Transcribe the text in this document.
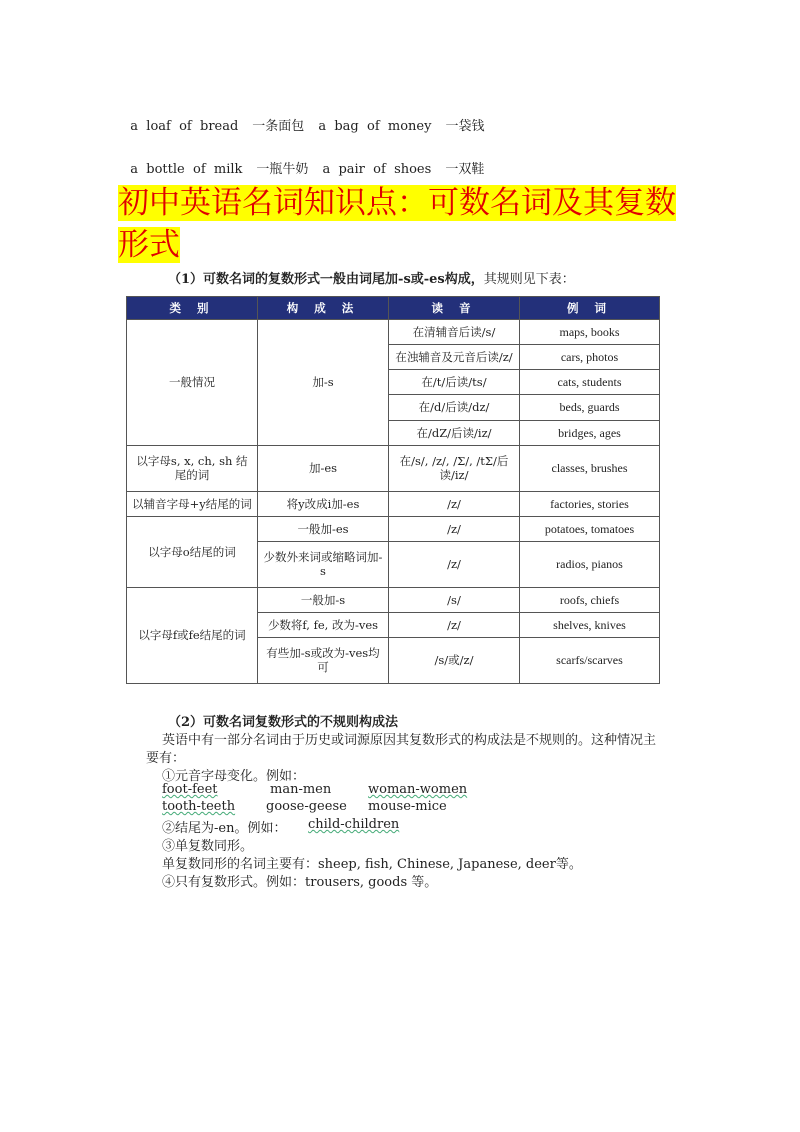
a  loaf  of  bread 一条面包 a  bag  of  money 一袋钱

a  bottle  of  milk 一瓶牛奶 a  pair  of  shoes 一双鞋

初中英语名词知识点：可数名词及其复数形式
（1）可数名词的复数形式一般由词尾加-s或-es构成，其规则见下表：
类 别	构 成 法	读 音	例 词
一般情况	加-s	在清辅音后读/s/	maps, books
		在浊辅音及元音后读/z/	cars, photos
		在/t/后读/ts/	cats, students
		在/d/后读/dz/	beds, guards
		在/dZ/后读/iz/	bridges, ages
以字母s, x, ch, sh 结尾的词	加-es	在/s/, /z/, /Σ/, /tΣ/后读/iz/	classes, brushes
以辅音字母+y结尾的词	将y改成i加-es	/z/	factories, stories
以字母o结尾的词	一般加-es	/z/	potatoes, tomatoes
	少数外来词或缩略词加-s	/z/	radios, pianos
以字母f或fe结尾的词	一般加-s	/s/	roofs, chiefs
	少数将f, fe, 改为-ves	/z/	shelves, knives
	有些加-s或改为-ves均可	/s/或/z/	scarfs/scarves
（2）可数名词复数形式的不规则构成法
英语中有一部分名词由于历史或词源原因其复数形式的构成法是不规则的。这种情况主
要有：
①元音字母变化。例如：
foot-feet	man-men	woman-women
tooth-teeth goose-geese mouse-mice
②结尾为-en。例如： child-children
③单复数同形。
单复数同形的名词主要有：sheep, fish, Chinese, Japanese, deer等。
④只有复数形式。例如：trousers, goods 等。
